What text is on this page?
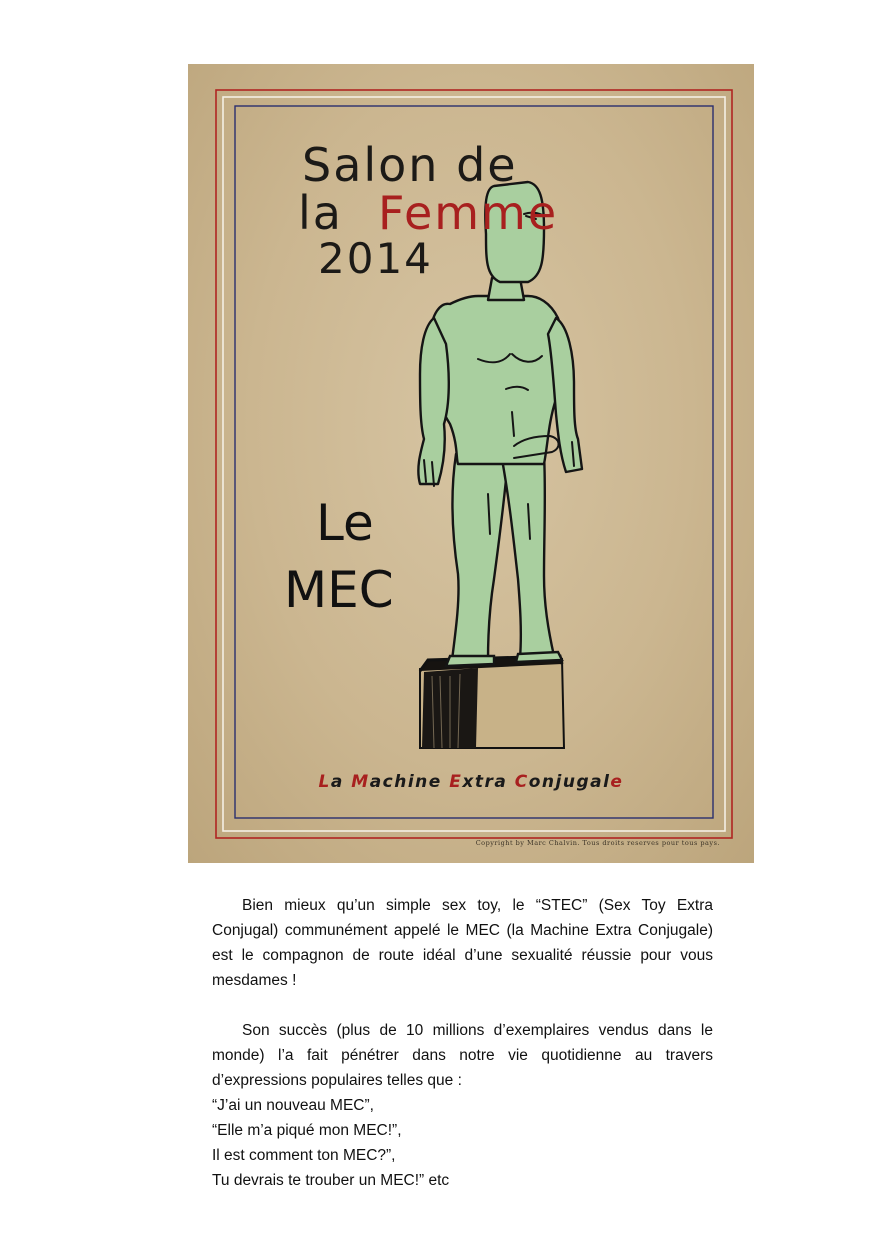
Salon de
la Femme
2014
Le
MEC
La Machine Extra Conjugale
Copyright by Marc Chalvin. Tous droits reserves pour tous pays.

Bien mieux qu’un simple sex toy, le “STEC” (Sex Toy Extra Conjugal) communément appelé le MEC (la Machine Extra Conjugale) est le compagnon de route idéal d’une sexualité réussie pour vous mesdames !

Son succès (plus de 10 millions d’exemplaires vendus dans le monde) l’a fait pénétrer dans notre vie quotidienne au travers d’expressions populaires telles que :

“J’ai un nouveau MEC”,
“Elle m’a piqué mon MEC!”,
Il est comment ton MEC?”,
Tu devrais te trouber un MEC!” etc
